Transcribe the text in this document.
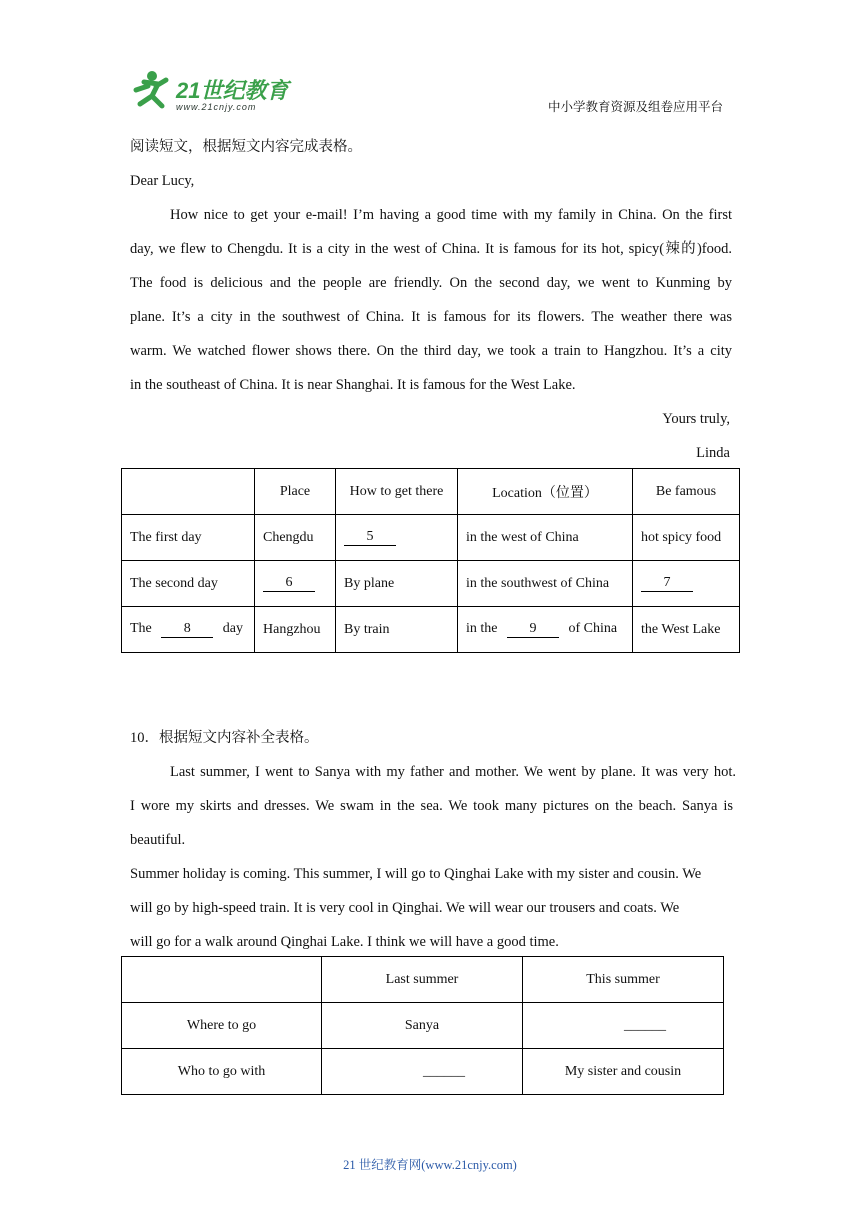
21世纪教育
www.21cnjy.com	中小学教育资源及组卷应用平台
阅读短文，根据短文内容完成表格。
Dear Lucy,
How nice to get your e-mail! I’m having a good time with my family in China. On the first
day, we flew to Chengdu. It is a city in the west of China. It is famous for its hot, spicy(辣的)food.
The food is delicious and the people are friendly. On the second day, we went to Kunming by
plane. It’s a city in the southwest of China. It is famous for its flowers. The weather there was
warm. We watched flower shows there. On the third day, we took a train to Hangzhou. It’s a city
in the southeast of China. It is near Shanghai. It is famous for the West Lake.
Yours truly,
Linda
	Place	How to get there	Location（位置）	Be famous
The first day	Chengdu	5	in the west of China	hot spicy food
The second day	6	By plane	in the southwest of China	7
The 8 day	Hangzhou	By train	in the 9 of China	the West Lake
10．根据短文内容补全表格。
Last summer, I went to Sanya with my father and mother. We went by plane. It was very hot.
I wore my skirts and dresses. We swam in the sea. We took many pictures on the beach. Sanya is
beautiful.
Summer holiday is coming. This summer, I will go to Qinghai Lake with my sister and cousin. We
will go by high-speed train. It is very cool in Qinghai. We will wear our trousers and coats. We
will go for a walk around Qinghai Lake. I think we will have a good time.
	Last summer	This summer
Where to go	Sanya	______
Who to go with	______	My sister and cousin
21 世纪教育网(www.21cnjy.com)
